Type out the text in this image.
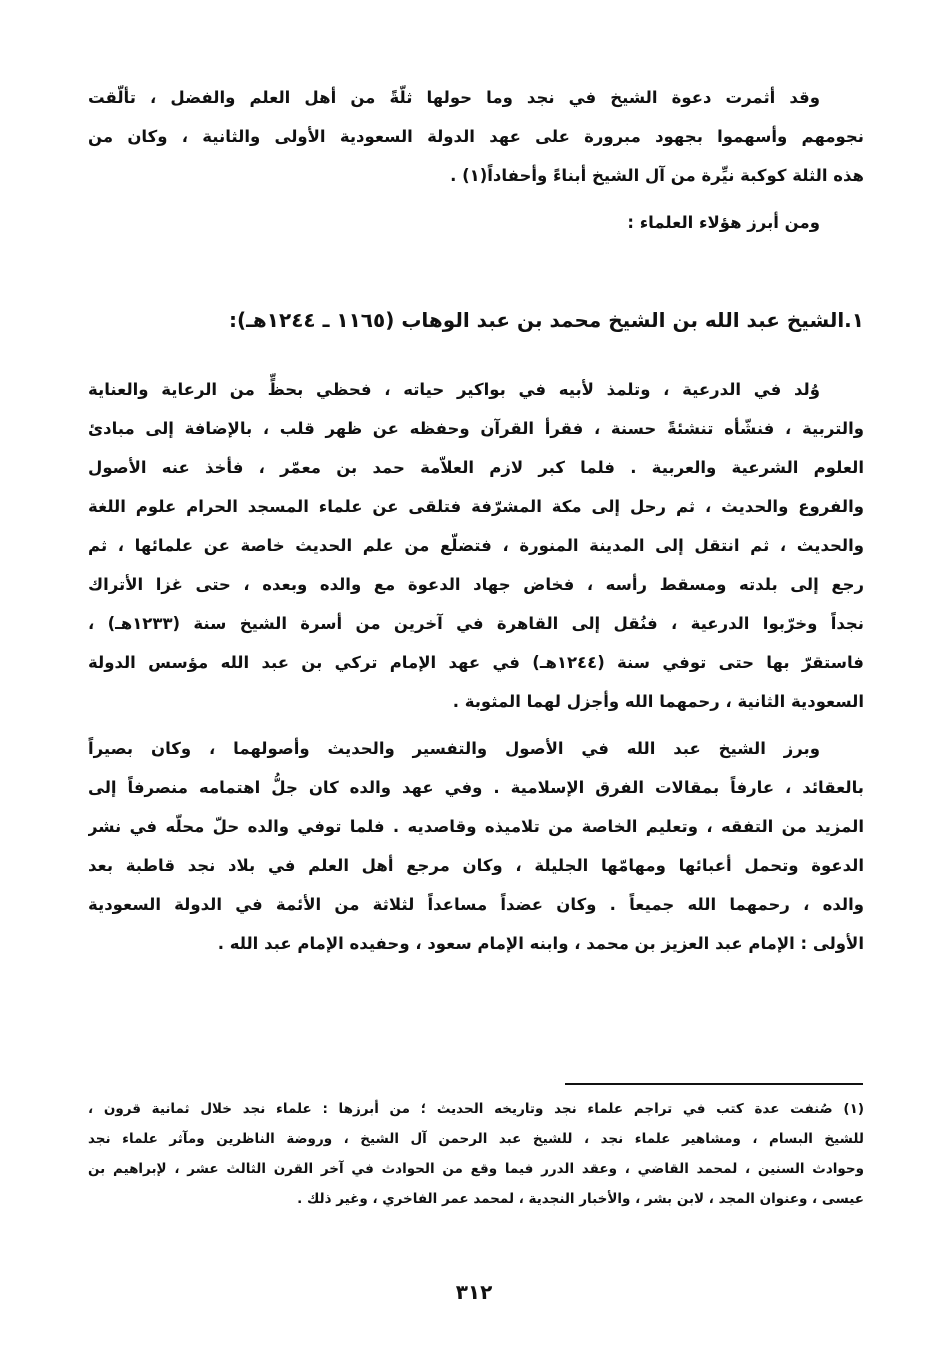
وقد أثمرت دعوة الشيخ في نجد وما حولها ثلّةً من أهل العلم والفضل ، تألّقت
نجومهم وأسهموا بجهود مبرورة على عهد الدولة السعودية الأولى والثانية ، وكان من
هذه الثلة كوكبة نيِّرة من آل الشيخ أبناءً وأحفاداً(١) .
ومن أبرز هؤلاء العلماء :
١.الشيخ عبد الله بن الشيخ محمد بن عبد الوهاب (١١٦٥ ـ ١٢٤٤هـ):
وُلد في الدرعية ، وتلمذ لأبيه في بواكير حياته ، فحظي بحظٍّ من الرعاية والعناية
والتربية ، فنشّأه تنشئةً حسنة ، فقرأ القرآن وحفظه عن ظهر قلب ، بالإضافة إلى مبادئ
العلوم الشرعية والعربية . فلما كبر لازم العلاّمة حمد بن معمّر ، فأخذ عنه الأصول
والفروع والحديث ، ثم رحل إلى مكة المشرّفة فتلقى عن علماء المسجد الحرام علوم اللغة
والحديث ، ثم انتقل إلى المدينة المنورة ، فتضلّع من علم الحديث خاصة عن علمائها ، ثم
رجع إلى بلدته ومسقط رأسه ، فخاض جهاد الدعوة مع والده وبعده ، حتى غزا الأتراك
نجداً وخرّبوا الدرعية ، فنُقل إلى القاهرة في آخرين من أسرة الشيخ سنة (١٢٣٣هـ) ،
فاستقرّ بها حتى توفي سنة (١٢٤٤هـ) في عهد الإمام تركي بن عبد الله مؤسس الدولة
السعودية الثانية ، رحمهما الله وأجزل لهما المثوبة .
وبرز الشيخ عبد الله في الأصول والتفسير والحديث وأصولهما ، وكان بصيراً
بالعقائد ، عارفاً بمقالات الفرق الإسلامية . وفي عهد والده كان جلُّ اهتمامه منصرفاً إلى
المزيد من التفقه ، وتعليم الخاصة من تلاميذه وقاصديه . فلما توفي والده حلّ محلّه في نشر
الدعوة وتحمل أعبائها ومهامّها الجليلة ، وكان مرجع أهل العلم في بلاد نجد قاطبة بعد
والده ، رحمهما الله جميعاً . وكان عضداً مساعداً لثلاثة من الأئمة في الدولة السعودية
الأولى : الإمام عبد العزيز بن محمد ، وابنه الإمام سعود ، وحفيده الإمام عبد الله .
(١) صُنفت عدة كتب في تراجم علماء نجد وتاريخه الحديث ؛ من أبرزها : علماء نجد خلال ثمانية قرون ،
للشيخ البسام ، ومشاهير علماء نجد ، للشيخ عبد الرحمن آل الشيخ ، وروضة الناظرين ومآثر علماء نجد
وحوادث السنين ، لمحمد القاضي ، وعقد الدرر فيما وقع من الحوادث في آخر القرن الثالث عشر ، لإبراهيم بن
عيسى ، وعنوان المجد ، لابن بشر ، والأخبار النجدية ، لمحمد عمر الفاخري ، وغير ذلك .
٣١٢
